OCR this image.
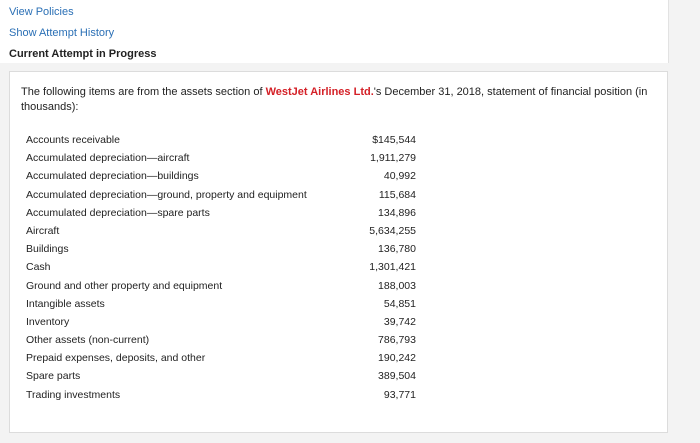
View Policies
Show Attempt History
Current Attempt in Progress
The following items are from the assets section of WestJet Airlines Ltd.'s December 31, 2018, statement of financial position (in thousands):
Accounts receivable	$145,544
Accumulated depreciation—aircraft	1,911,279
Accumulated depreciation—buildings	40,992
Accumulated depreciation—ground, property and equipment	115,684
Accumulated depreciation—spare parts	134,896
Aircraft	5,634,255
Buildings	136,780
Cash	1,301,421
Ground and other property and equipment	188,003
Intangible assets	54,851
Inventory	39,742
Other assets (non-current)	786,793
Prepaid expenses, deposits, and other	190,242
Spare parts	389,504
Trading investments	93,771
